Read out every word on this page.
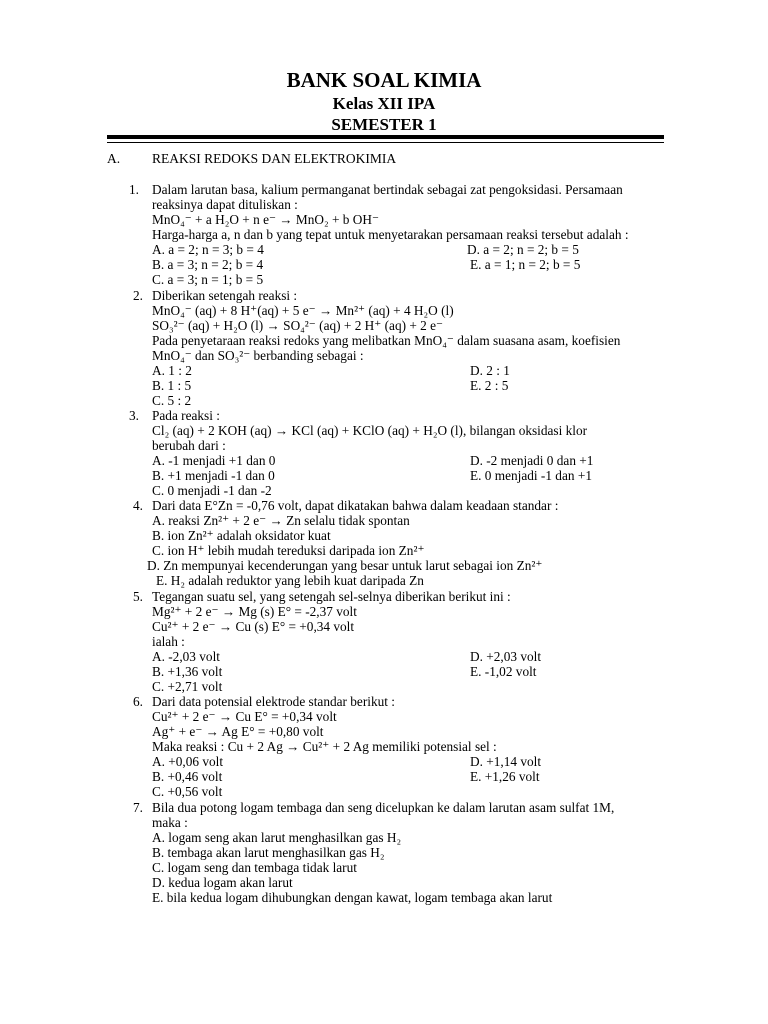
BANK SOAL KIMIA
Kelas XII IPA
SEMESTER 1
A. REAKSI REDOKS DAN ELEKTROKIMIA
1. Dalam larutan basa, kalium permanganat bertindak sebagai zat pengoksidasi. Persamaan
reaksinya dapat dituliskan :
MnO₄⁻ + a H₂O + n e⁻ → MnO₂ + b OH⁻
Harga-harga a, n dan b yang tepat untuk menyetarakan persamaan reaksi tersebut adalah :
A. a = 2; n = 3; b = 4
B. a = 3; n = 2; b = 4
C. a = 3; n = 1; b = 5
D. a = 2; n = 2; b = 5
E. a = 1; n = 2; b = 5
2. Diberikan setengah reaksi :
MnO₄⁻ (aq) + 8 H⁺(aq) + 5 e⁻ → Mn²⁺ (aq) + 4 H₂O (l)
SO₃²⁻ (aq) + H₂O (l) → SO₄²⁻ (aq) + 2 H⁺ (aq) + 2 e⁻
Pada penyetaraan reaksi redoks yang melibatkan MnO₄⁻ dalam suasana asam, koefisien
MnO₄⁻ dan SO₃²⁻ berbanding sebagai :
A. 1 : 2
B. 1 : 5
C. 5 : 2
D. 2 : 1
E. 2 : 5
3. Pada reaksi :
Cl₂ (aq) + 2 KOH (aq) → KCl (aq) + KClO (aq) + H₂O (l), bilangan oksidasi klor
berubah dari :
A. -1 menjadi +1 dan 0
B. +1 menjadi -1 dan 0
C. 0 menjadi -1 dan -2
D. -2 menjadi 0 dan +1
E. 0 menjadi -1 dan +1
4. Dari data E°Zn = -0,76 volt, dapat dikatakan bahwa dalam keadaan standar :
A. reaksi Zn²⁺ + 2 e⁻ → Zn selalu tidak spontan
B. ion Zn²⁺ adalah oksidator kuat
C. ion H⁺ lebih mudah tereduksi daripada ion Zn²⁺
D. Zn mempunyai kecenderungan yang besar untuk larut sebagai ion Zn²⁺
E. H₂ adalah reduktor yang lebih kuat daripada Zn
5. Tegangan suatu sel, yang setengah sel-selnya diberikan berikut ini :
Mg²⁺ + 2 e⁻ → Mg (s) E° = -2,37 volt
Cu²⁺ + 2 e⁻ → Cu (s) E° = +0,34 volt
ialah :
A. -2,03 volt
B. +1,36 volt
C. +2,71 volt
D. +2,03 volt
E. -1,02 volt
6. Dari data potensial elektrode standar berikut :
Cu²⁺ + 2 e⁻ → Cu E° = +0,34 volt
Ag⁺ + e⁻ → Ag E° = +0,80 volt
Maka reaksi : Cu + 2 Ag → Cu²⁺ + 2 Ag memiliki potensial sel :
A. +0,06 volt
B. +0,46 volt
C. +0,56 volt
D. +1,14 volt
E. +1,26 volt
7. Bila dua potong logam tembaga dan seng dicelupkan ke dalam larutan asam sulfat 1M,
maka :
A. logam seng akan larut menghasilkan gas H₂
B. tembaga akan larut menghasilkan gas H₂
C. logam seng dan tembaga tidak larut
D. kedua logam akan larut
E. bila kedua logam dihubungkan dengan kawat, logam tembaga akan larut
